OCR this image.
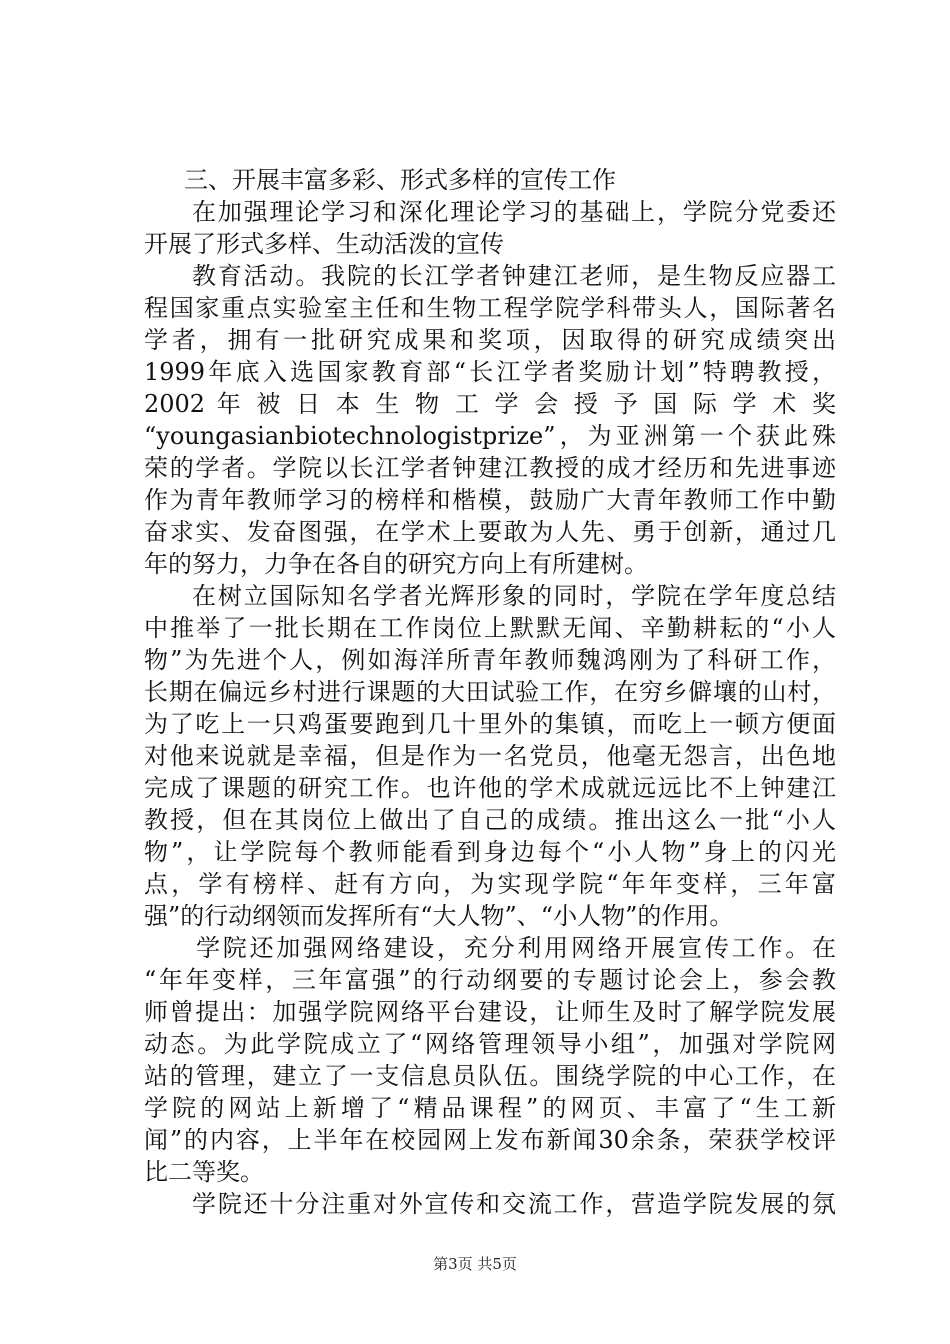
三、开展丰富多彩、形式多样的宣传工作
在加强理论学习和深化理论学习的基础上，学院分党委还
开展了形式多样、生动活泼的宣传
教育活动。我院的长江学者钟建江老师，是生物反应器工
程国家重点实验室主任和生物工程学院学科带头人，国际著名
学者，拥有一批研究成果和奖项，因取得的研究成绩突出
1999年底入选国家教育部“长江学者奖励计划”特聘教授，
2002 年 被 日 本 生 物 工 学 会 授 予 国 际 学 术 奖
“youngasianbiotechnologistprize”，为亚洲第一个获此殊
荣的学者。学院以长江学者钟建江教授的成才经历和先进事迹
作为青年教师学习的榜样和楷模，鼓励广大青年教师工作中勤
奋求实、发奋图强，在学术上要敢为人先、勇于创新，通过几
年的努力，力争在各自的研究方向上有所建树。
在树立国际知名学者光辉形象的同时，学院在学年度总结
中推举了一批长期在工作岗位上默默无闻、辛勤耕耘的“小人
物”为先进个人，例如海洋所青年教师魏鸿刚为了科研工作，
长期在偏远乡村进行课题的大田试验工作，在穷乡僻壤的山村，
为了吃上一只鸡蛋要跑到几十里外的集镇，而吃上一顿方便面
对他来说就是幸福，但是作为一名党员，他毫无怨言，出色地
完成了课题的研究工作。也许他的学术成就远远比不上钟建江
教授，但在其岗位上做出了自己的成绩。推出这么一批“小人
物”，让学院每个教师能看到身边每个“小人物”身上的闪光
点，学有榜样、赶有方向，为实现学院“年年变样，三年富
强”的行动纲领而发挥所有“大人物”、“小人物”的作用。
学院还加强网络建设，充分利用网络开展宣传工作。在
“年年变样，三年富强”的行动纲要的专题讨论会上，参会教
师曾提出：加强学院网络平台建设，让师生及时了解学院发展
动态。为此学院成立了“网络管理领导小组”，加强对学院网
站的管理，建立了一支信息员队伍。围绕学院的中心工作，在
学院的网站上新增了“精品课程”的网页、丰富了“生工新
闻”的内容，上半年在校园网上发布新闻30余条，荣获学校评
比二等奖。
学院还十分注重对外宣传和交流工作，营造学院发展的氛
第3页 共5页
